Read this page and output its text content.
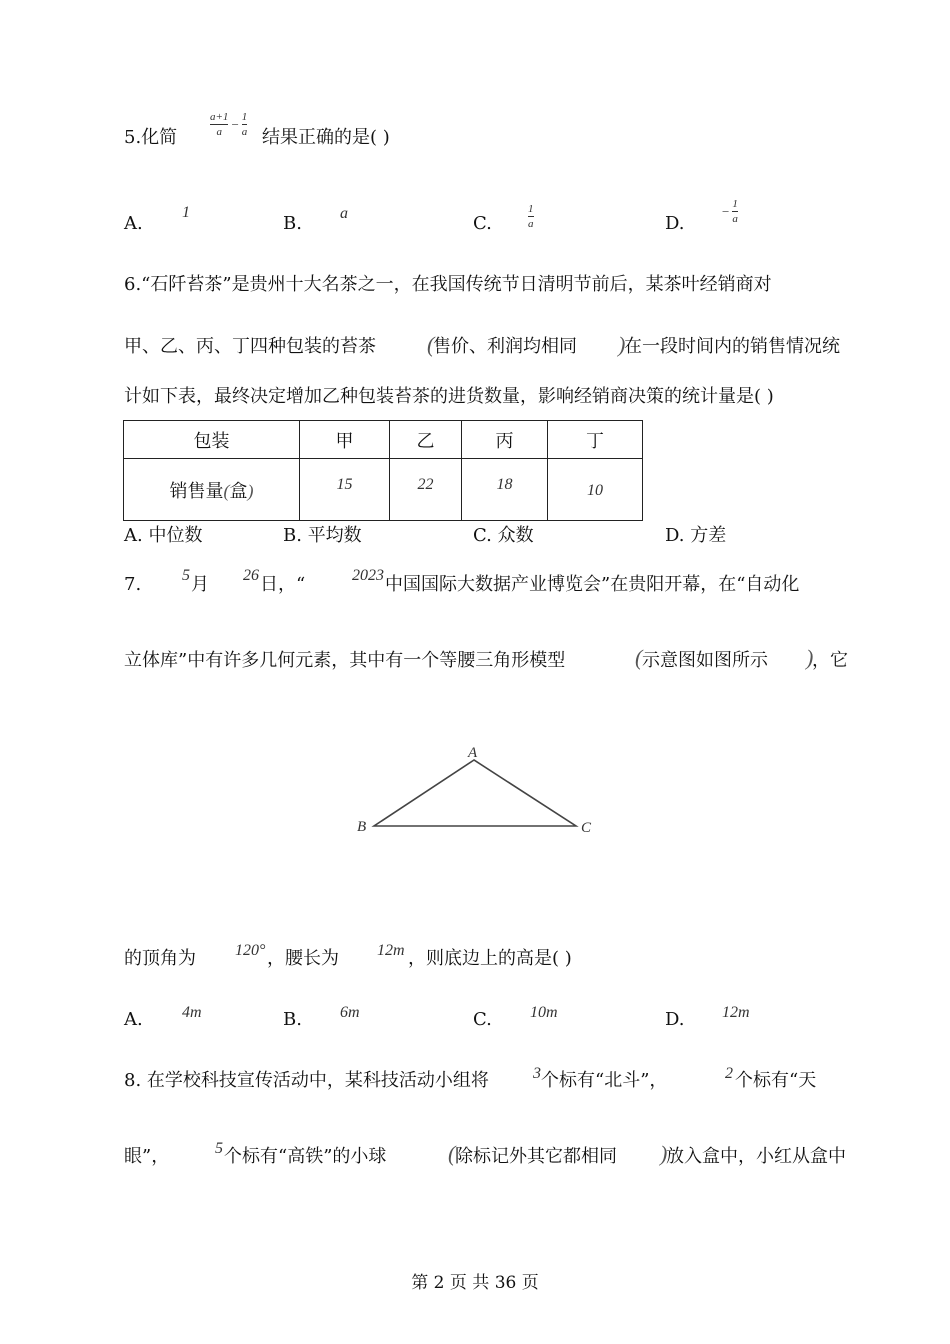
5.化简	$\frac{a+1}{a} - \frac{1}{a}$ 结果正确的是( )
A.
1
B. a	C.	$\frac{1}{a}$	D.
− $\frac{1}{a}$
6.“石阡苔茶”是贵州十大名茶之一，在我国传统节日清明节前后，某茶叶经销商对
甲、乙、丙、丁四种包装的苔茶 (
售价、利润均相同 )
在一段时间内的销售情况统
计如下表，最终决定增加乙种包装苔茶的进货数量，影响经销商决策的统计量是( )
包装	甲	乙	丙	丁
销售量(盒)	15	22	18	10
A. 中位数	B. 平均数	C. 众数	D. 方差
7.	5 月 26 日，“	2023 中国国际大数据产业博览会”在贵阳开幕，在“自动化
立体库”中有许多几何元素，其中有一个等腰三角形模型	( 示意图如图所示 )
，它
A
B	C
的顶角为 120° ，腰长为 12m ，则底边上的高是( )
A. 4m	B. 6m	C. 10m	D. 12m
8. 在学校科技宣传活动中，某科技活动小组将	3 个标有“北斗”，	2 个标有“天
眼”，	5 个标有“高铁”的小球	( 除标记外其它都相同 )
放入盒中，小红从盒中
第 2 页 共 36 页
